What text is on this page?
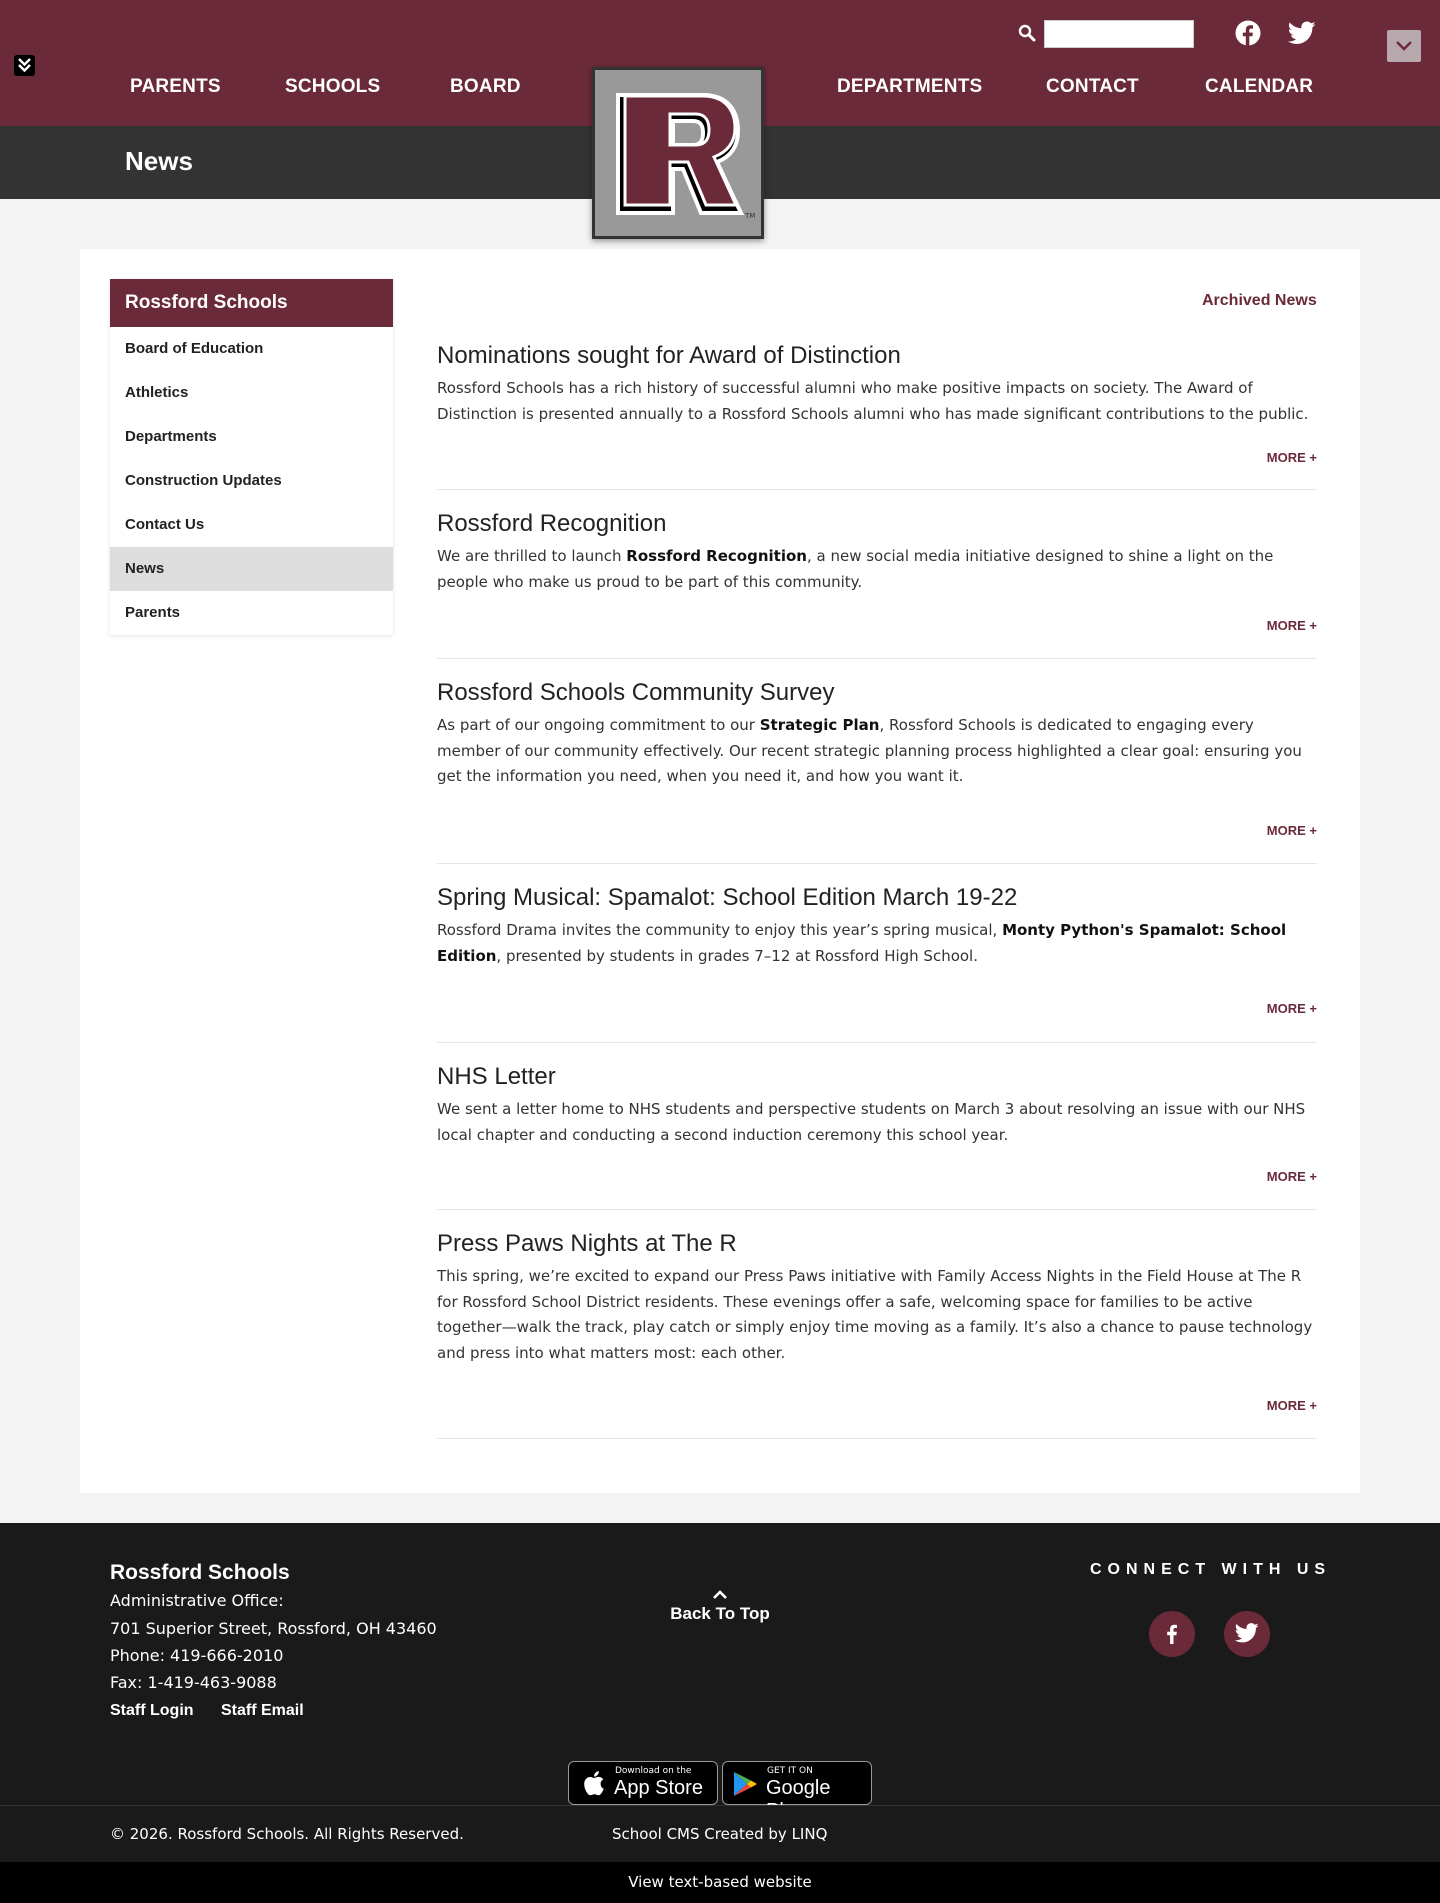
PARENTS	SCHOOLS	BOARD	DEPARTMENTS	CONTACT	CALENDAR
News
TM
Rossford Schools
Board of Education
Athletics
Departments
Construction Updates
Contact Us
News
Parents
Archived News
Nominations sought for Award of Distinction

Rossford Schools has a rich history of successful alumni who make positive impacts on society. The Award of Distinction is presented annually to a Rossford Schools alumni who has made significant contributions to the public.

MORE +
Rossford Recognition

We are thrilled to launch Rossford Recognition, a new social media initiative designed to shine a light on the people who make us proud to be part of this community.

MORE +
Rossford Schools Community Survey

As part of our ongoing commitment to our Strategic Plan, Rossford Schools is dedicated to engaging every member of our community effectively. Our recent strategic planning process highlighted a clear goal: ensuring you get the information you need, when you need it, and how you want it.

MORE +
Spring Musical: Spamalot: School Edition March 19-22

Rossford Drama invites the community to enjoy this year’s spring musical, Monty Python's Spamalot: School Edition, presented by students in grades 7–12 at Rossford High School.

MORE +
NHS Letter

We sent a letter home to NHS students and perspective students on March 3 about resolving an issue with our NHS local chapter and conducting a second induction ceremony this school year.

MORE +
Press Paws Nights at The R

This spring, we’re excited to expand our Press Paws initiative with Family Access Nights in the Field House at The R for Rossford School District residents. These evenings offer a safe, welcoming space for families to be active together—walk the track, play catch or simply enjoy time moving as a family. It’s also a chance to pause technology and press into what matters most: each other.

MORE +
Rossford Schools
Administrative Office:
701 Superior Street, Rossford, OH 43460
Phone: 419-666-2010
Fax: 1-419-463-9088
Staff Login Staff Email
Back To Top
CONNECT WITH US
Download on the
App Store
GET IT ON
Google
© 2026. Rossford Schools. All Rights Reserved.	School CMS Created by LINQ
View text-based website
